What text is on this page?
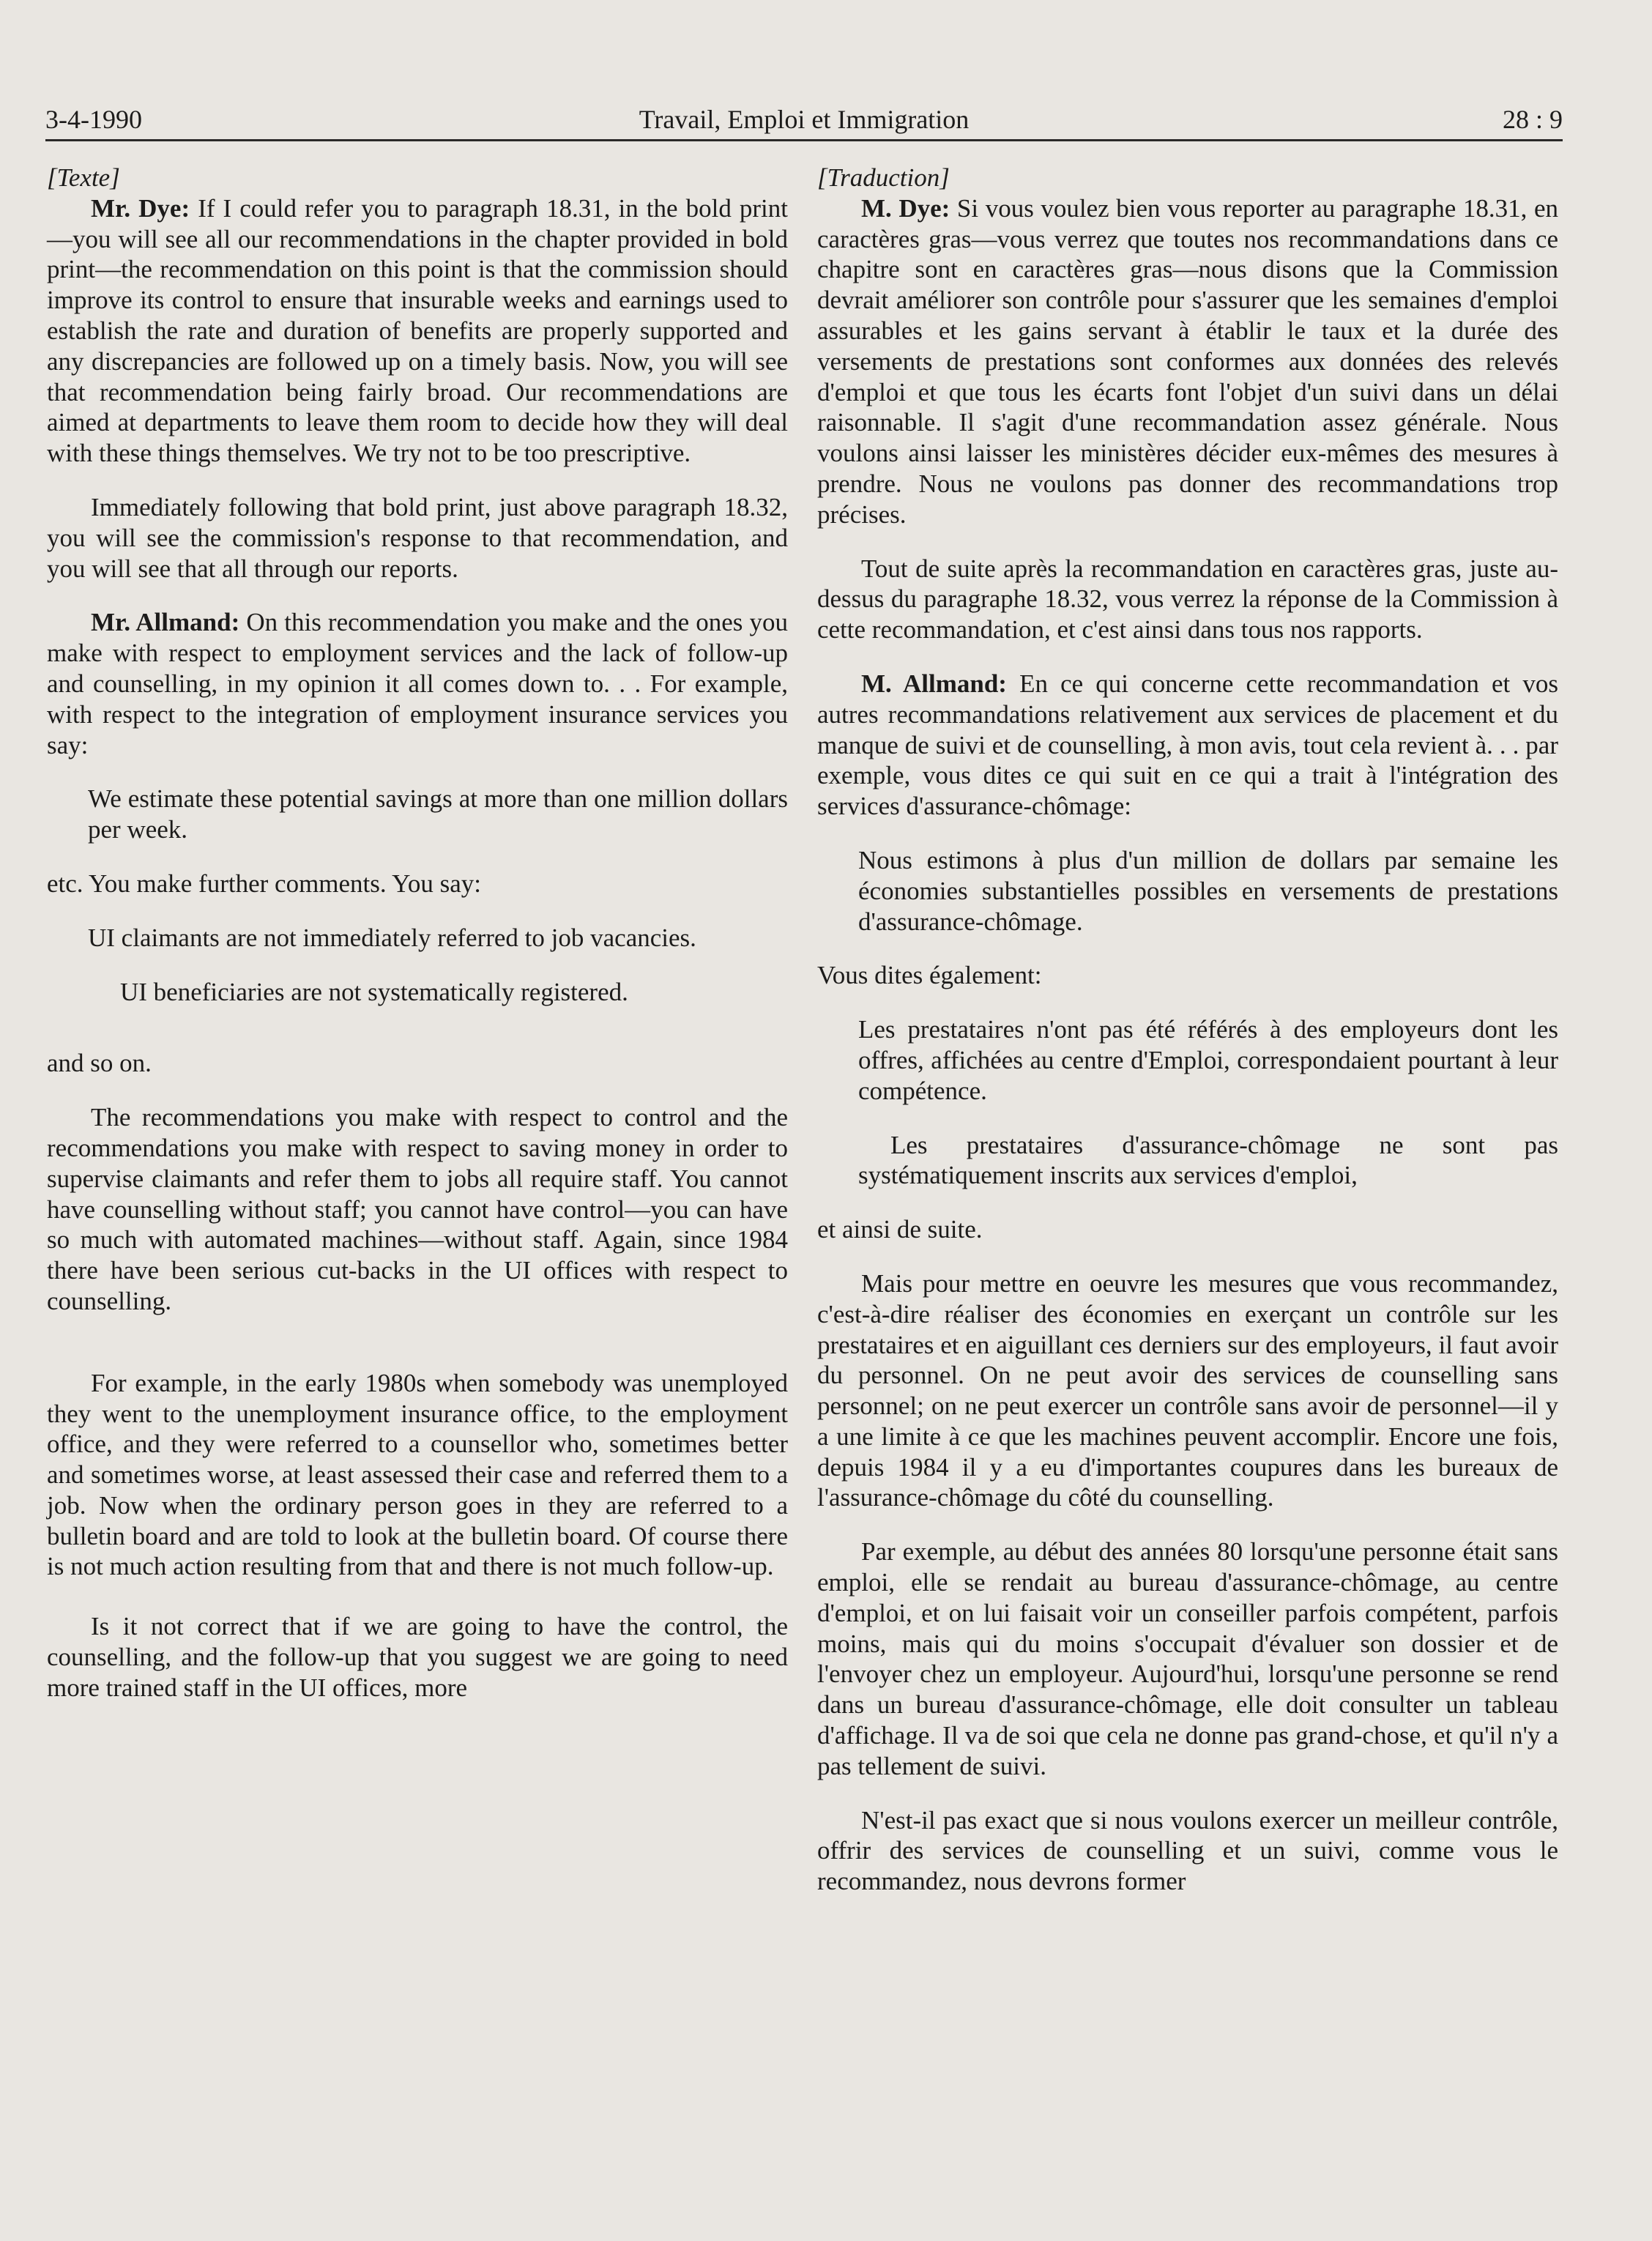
3-4-1990	Travail, Emploi et Immigration	28 : 9

[Texte]

Mr. Dye: If I could refer you to paragraph 18.31, in the bold print—you will see all our recommendations in the chapter provided in bold print—the recommendation on this point is that the commission should improve its control to ensure that insurable weeks and earnings used to establish the rate and duration of benefits are properly supported and any discrepancies are followed up on a timely basis. Now, you will see that recommendation being fairly broad. Our recommendations are aimed at departments to leave them room to decide how they will deal with these things themselves. We try not to be too prescriptive.

Immediately following that bold print, just above paragraph 18.32, you will see the commission's response to that recommendation, and you will see that all through our reports.

Mr. Allmand: On this recommendation you make and the ones you make with respect to employment services and the lack of follow-up and counselling, in my opinion it all comes down to. . . For example, with respect to the integration of employment insurance services you say:

We estimate these potential savings at more than one million dollars per week.

etc. You make further comments. You say:

UI claimants are not immediately referred to job vacancies.
UI beneficiaries are not systematically registered.

and so on.

The recommendations you make with respect to control and the recommendations you make with respect to saving money in order to supervise claimants and refer them to jobs all require staff. You cannot have counselling without staff; you cannot have control—you can have so much with automated machines—without staff. Again, since 1984 there have been serious cut-backs in the UI offices with respect to counselling.

For example, in the early 1980s when somebody was unemployed they went to the unemployment insurance office, to the employment office, and they were referred to a counsellor who, sometimes better and sometimes worse, at least assessed their case and referred them to a job. Now when the ordinary person goes in they are referred to a bulletin board and are told to look at the bulletin board. Of course there is not much action resulting from that and there is not much follow-up.

Is it not correct that if we are going to have the control, the counselling, and the follow-up that you suggest we are going to need more trained staff in the UI offices, more

[Traduction]

M. Dye: Si vous voulez bien vous reporter au paragraphe 18.31, en caractères gras—vous verrez que toutes nos recommandations dans ce chapitre sont en caractères gras—nous disons que la Commission devrait améliorer son contrôle pour s'assurer que les semaines d'emploi assurables et les gains servant à établir le taux et la durée des versements de prestations sont conformes aux données des relevés d'emploi et que tous les écarts font l'objet d'un suivi dans un délai raisonnable. Il s'agit d'une recommandation assez générale. Nous voulons ainsi laisser les ministères décider eux-mêmes des mesures à prendre. Nous ne voulons pas donner des recommandations trop précises.

Tout de suite après la recommandation en caractères gras, juste au-dessus du paragraphe 18.32, vous verrez la réponse de la Commission à cette recommandation, et c'est ainsi dans tous nos rapports.

M. Allmand: En ce qui concerne cette recommandation et vos autres recommandations relativement aux services de placement et du manque de suivi et de counselling, à mon avis, tout cela revient à. . . par exemple, vous dites ce qui suit en ce qui a trait à l'intégration des services d'assurance-chômage:

Nous estimons à plus d'un million de dollars par semaine les économies substantielles possibles en versements de prestations d'assurance-chômage.

Vous dites également:

Les prestataires n'ont pas été référés à des employeurs dont les offres, affichées au centre d'Emploi, correspondaient pourtant à leur compétence.
Les prestataires d'assurance-chômage ne sont pas systématiquement inscrits aux services d'emploi,

et ainsi de suite.

Mais pour mettre en oeuvre les mesures que vous recommandez, c'est-à-dire réaliser des économies en exerçant un contrôle sur les prestataires et en aiguillant ces derniers sur des employeurs, il faut avoir du personnel. On ne peut avoir des services de counselling sans personnel; on ne peut exercer un contrôle sans avoir de personnel—il y a une limite à ce que les machines peuvent accomplir. Encore une fois, depuis 1984 il y a eu d'importantes coupures dans les bureaux de l'assurance-chômage du côté du counselling.

Par exemple, au début des années 80 lorsqu'une personne était sans emploi, elle se rendait au bureau d'assurance-chômage, au centre d'emploi, et on lui faisait voir un conseiller parfois compétent, parfois moins, mais qui du moins s'occupait d'évaluer son dossier et de l'envoyer chez un employeur. Aujourd'hui, lorsqu'une personne se rend dans un bureau d'assurance-chômage, elle doit consulter un tableau d'affichage. Il va de soi que cela ne donne pas grand-chose, et qu'il n'y a pas tellement de suivi.

N'est-il pas exact que si nous voulons exercer un meilleur contrôle, offrir des services de counselling et un suivi, comme vous le recommandez, nous devrons former
